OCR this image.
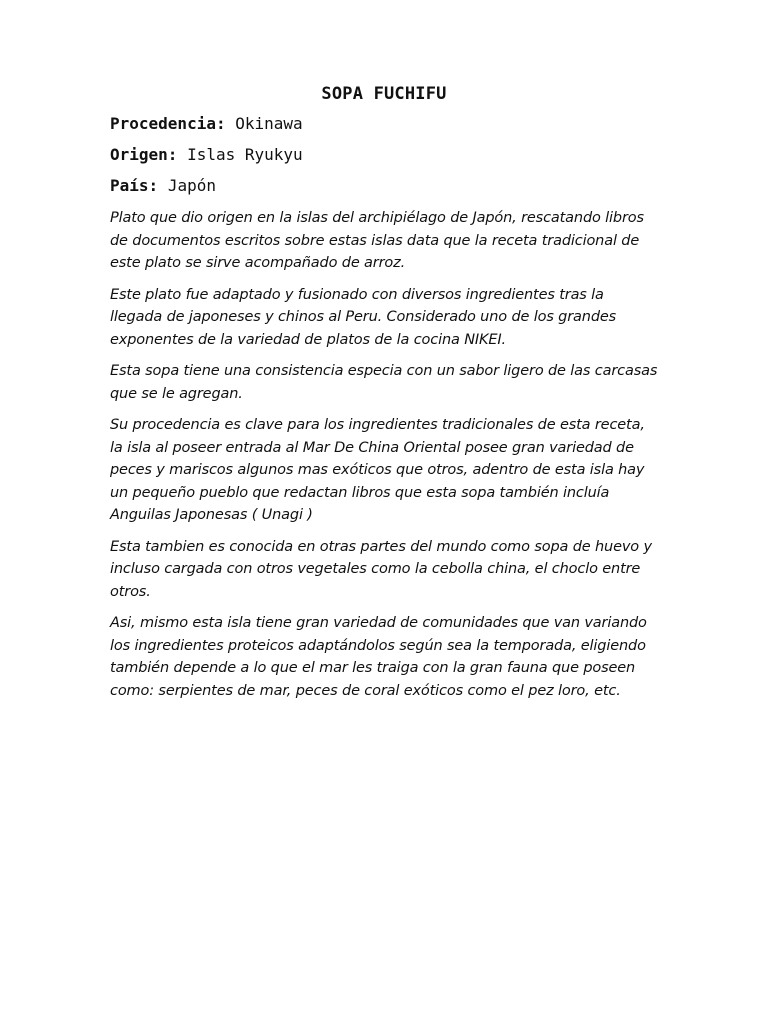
SOPA FUCHIFU
Procedencia: Okinawa
Origen: Islas Ryukyu
País: Japón

Plato que dio origen en la islas del archipiélago de Japón, rescatando libros de documentos escritos sobre estas islas data que la receta tradicional de este plato se sirve acompañado de arroz.

Este plato fue adaptado y fusionado con diversos ingredientes tras la llegada de japoneses y chinos al Peru. Considerado uno de los grandes exponentes de la variedad de platos de la cocina NIKEI.

Esta sopa tiene una consistencia especia con un sabor ligero de las carcasas que se le agregan.

Su procedencia es clave para los ingredientes tradicionales de esta receta, la isla al poseer entrada al Mar De China Oriental posee gran variedad de peces y mariscos algunos mas exóticos que otros, adentro de esta isla hay un pequeño pueblo que redactan libros que esta sopa también incluía Anguilas Japonesas ( Unagi )

Esta tambien es conocida en otras partes del mundo como sopa de huevo y incluso cargada con otros vegetales como la cebolla china, el choclo entre otros.

Asi, mismo esta isla tiene gran variedad de comunidades que van variando los ingredientes proteicos adaptándolos según sea la temporada, eligiendo también depende a lo que el mar les traiga con la gran fauna que poseen como: serpientes de mar, peces de coral exóticos como el pez loro, etc.
